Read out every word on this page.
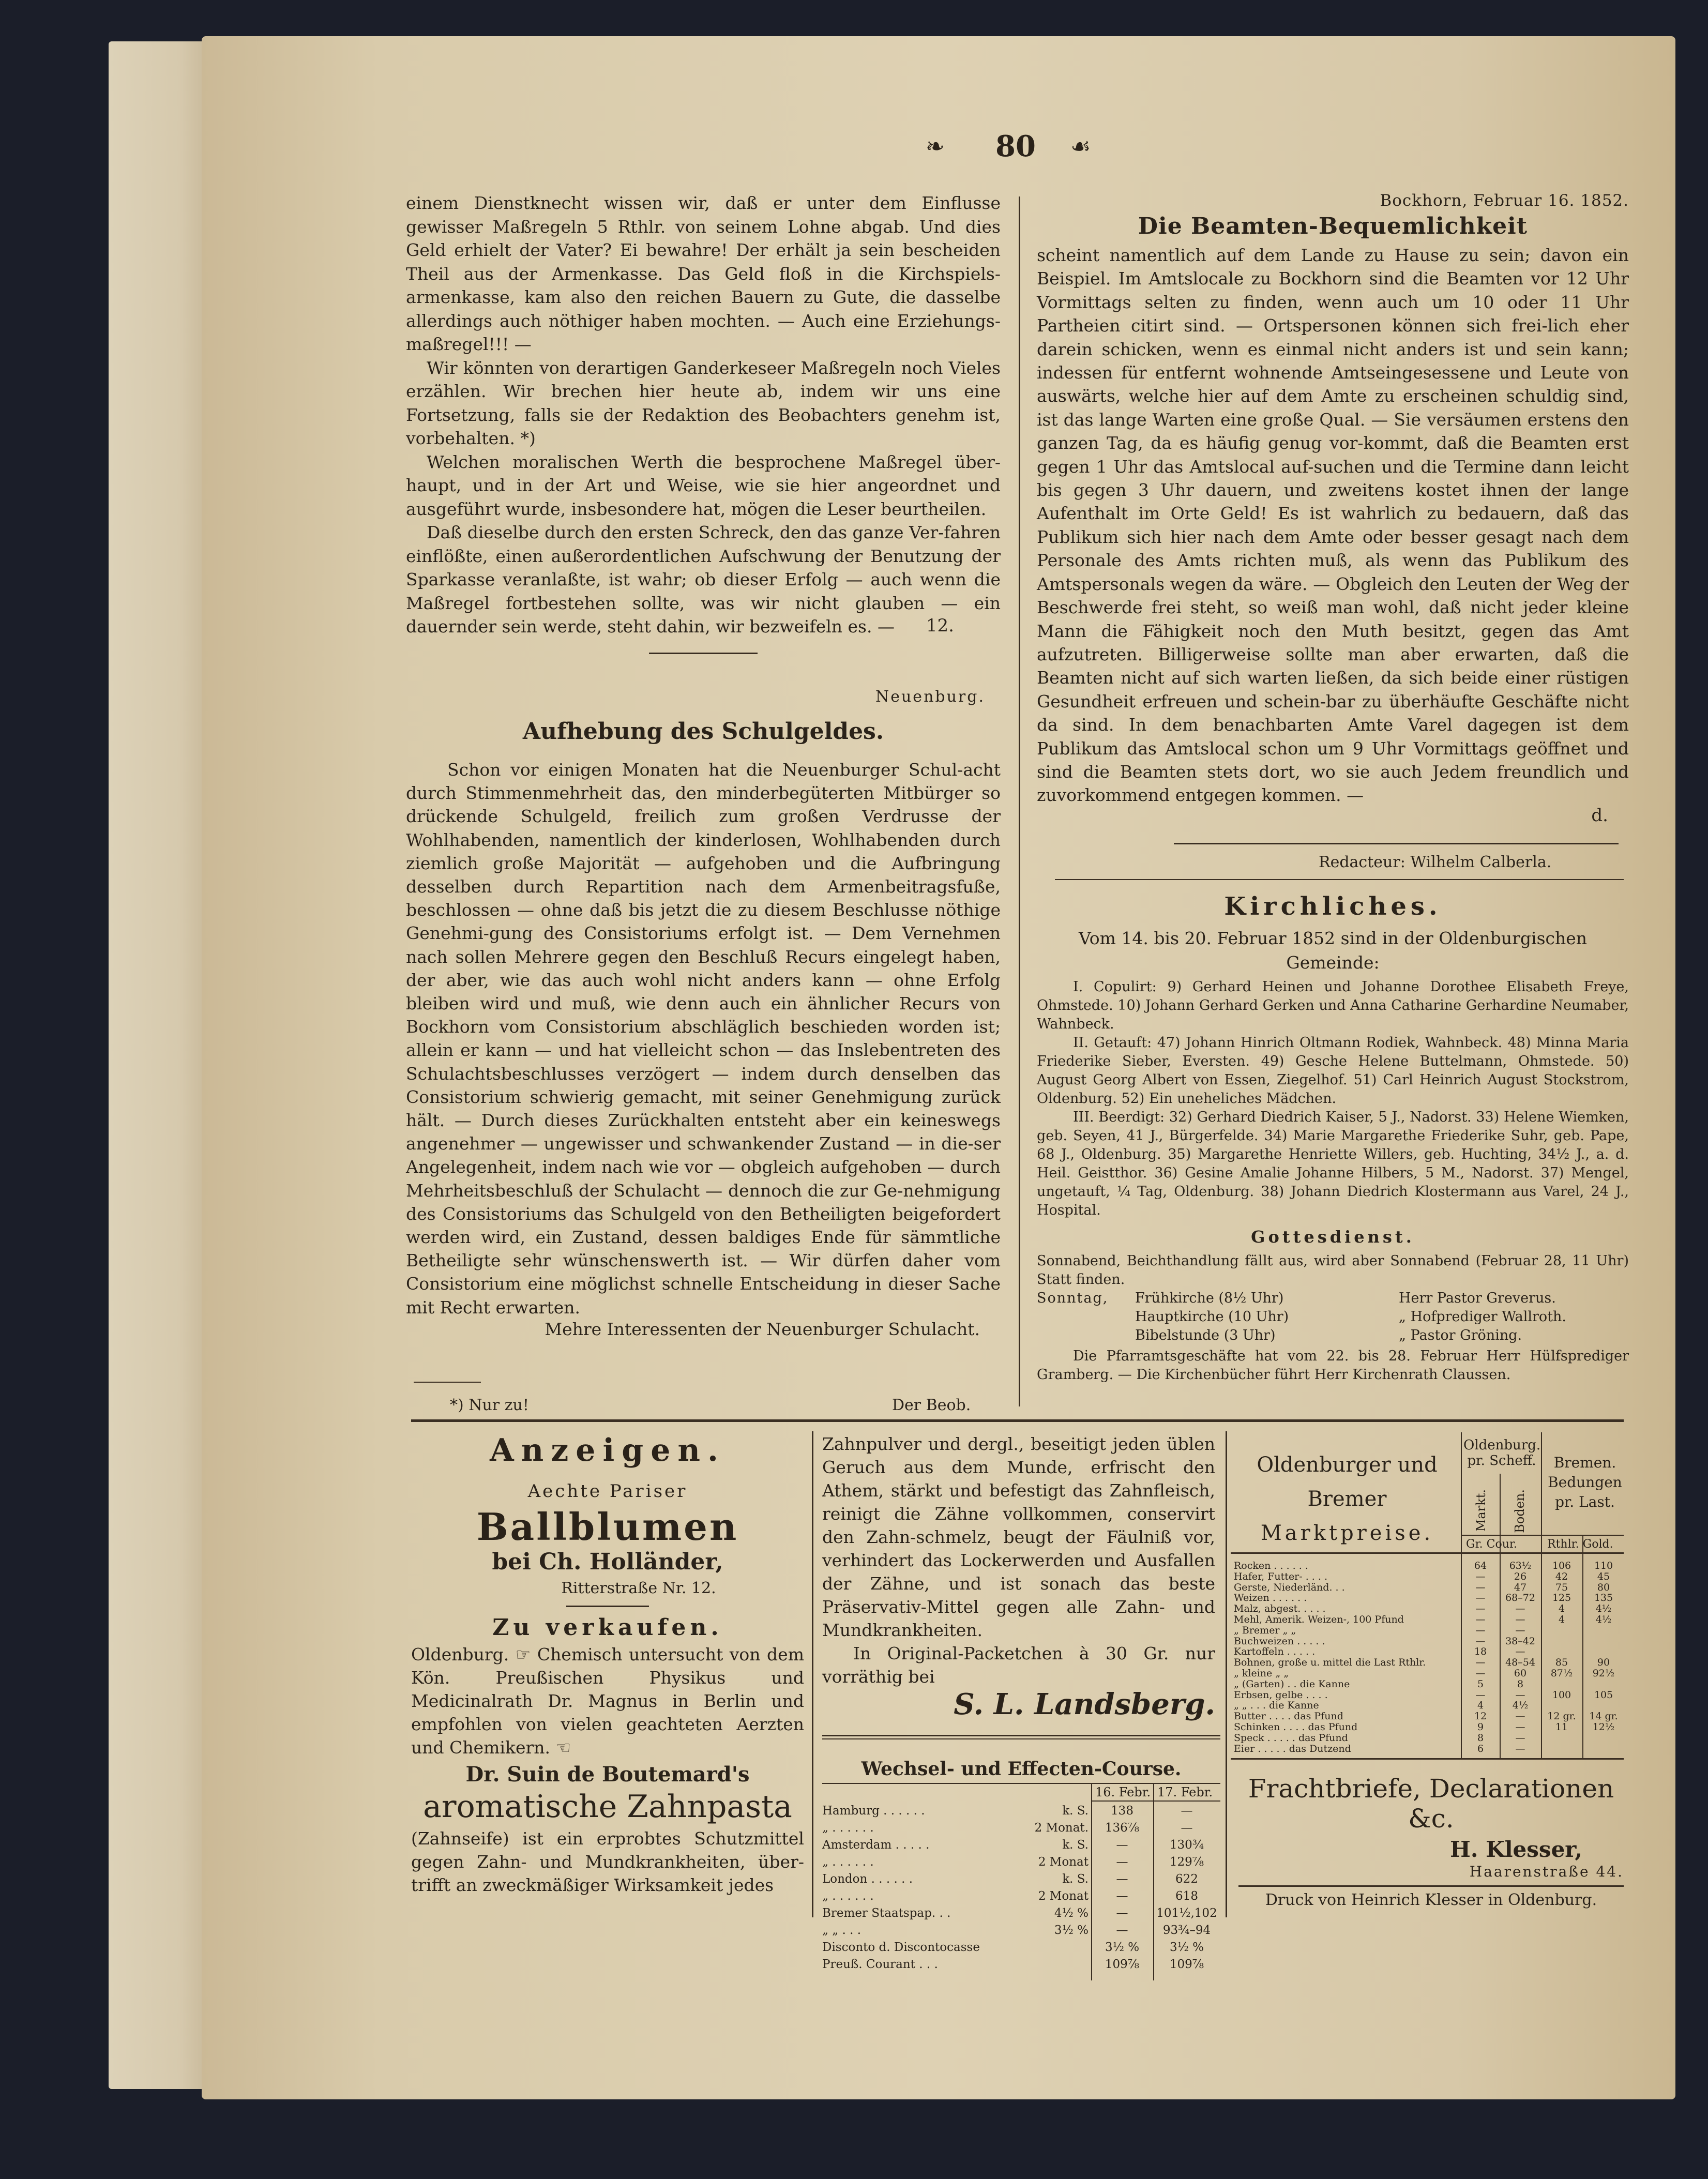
❧ 80 ☙

einem Dienstknecht wissen wir, daß er unter dem Einflusse gewisser Maßregeln 5 Rthlr. von seinem Lohne abgab. Und dies Geld erhielt der Vater? Ei bewahre! Der erhält ja sein bescheiden Theil aus der Armenkasse. Das Geld floß in die Kirchspiels-armenkasse, kam also den reichen Bauern zu Gute, die dasselbe allerdings auch nöthiger haben mochten. — Auch eine Erziehungs-maßregel!!! —

Wir könnten von derartigen Ganderkeseer Maßregeln noch Vieles erzählen. Wir brechen hier heute ab, indem wir uns eine Fortsetzung, falls sie der Redaktion des Beobachters genehm ist, vorbehalten. *)

Welchen moralischen Werth die besprochene Maßregel über-haupt, und in der Art und Weise, wie sie hier angeordnet und ausgeführt wurde, insbesondere hat, mögen die Leser beurtheilen.

Daß dieselbe durch den ersten Schreck, den das ganze Ver-fahren einflößte, einen außerordentlichen Aufschwung der Benutzung der Sparkasse veranlaßte, ist wahr; ob dieser Erfolg — auch wenn die Maßregel fortbestehen sollte, was wir nicht glauben — ein dauernder sein werde, steht dahin, wir bezweifeln es. —	12.
Neuenburg.
Aufhebung des Schulgeldes.

Schon vor einigen Monaten hat die Neuenburger Schul-acht durch Stimmenmehrheit das, den minderbegüterten Mitbürger so drückende Schulgeld, freilich zum großen Verdrusse der Wohlhabenden, namentlich der kinderlosen, Wohlhabenden durch ziemlich große Majorität — aufgehoben und die Aufbringung desselben durch Repartition nach dem Armenbeitragsfuße, beschlossen — ohne daß bis jetzt die zu diesem Beschlusse nöthige Genehmi-gung des Consistoriums erfolgt ist. — Dem Vernehmen nach sollen Mehrere gegen den Beschluß Recurs eingelegt haben, der aber, wie das auch wohl nicht anders kann — ohne Erfolg bleiben wird und muß, wie denn auch ein ähnlicher Recurs von Bockhorn vom Consistorium abschläglich beschieden worden ist; allein er kann — und hat vielleicht schon — das Inslebentreten des Schulachtsbeschlusses verzögert — indem durch denselben das Consistorium schwierig gemacht, mit seiner Genehmigung zurück hält. — Durch dieses Zurückhalten entsteht aber ein keineswegs angenehmer — ungewisser und schwankender Zustand — in die-ser Angelegenheit, indem nach wie vor — obgleich aufgehoben — durch Mehrheitsbeschluß der Schulacht — dennoch die zur Ge-nehmigung des Consistoriums das Schulgeld von den Betheiligten beigefordert werden wird, ein Zustand, dessen baldiges Ende für sämmtliche Betheiligte sehr wünschenswerth ist. — Wir dürfen daher vom Consistorium eine möglichst schnelle Entscheidung in dieser Sache mit Recht erwarten.

Mehre Interessenten der Neuenburger Schulacht.
*) Nur zu!	Der Beob.
Bockhorn, Februar 16. 1852.
Die Beamten-Bequemlichkeit

scheint namentlich auf dem Lande zu Hause zu sein; davon ein Beispiel. Im Amtslocale zu Bockhorn sind die Beamten vor 12 Uhr Vormittags selten zu finden, wenn auch um 10 oder 11 Uhr Partheien citirt sind. — Ortspersonen können sich frei-lich eher darein schicken, wenn es einmal nicht anders ist und sein kann; indessen für entfernt wohnende Amtseingesessene und Leute von auswärts, welche hier auf dem Amte zu erscheinen schuldig sind, ist das lange Warten eine große Qual. — Sie versäumen erstens den ganzen Tag, da es häufig genug vor-kommt, daß die Beamten erst gegen 1 Uhr das Amtslocal auf-suchen und die Termine dann leicht bis gegen 3 Uhr dauern, und zweitens kostet ihnen der lange Aufenthalt im Orte Geld! Es ist wahrlich zu bedauern, daß das Publikum sich hier nach dem Amte oder besser gesagt nach dem Personale des Amts richten muß, als wenn das Publikum des Amtspersonals wegen da wäre. — Obgleich den Leuten der Weg der Beschwerde frei steht, so weiß man wohl, daß nicht jeder kleine Mann die Fähigkeit noch den Muth besitzt, gegen das Amt aufzutreten. Billigerweise sollte man aber erwarten, daß die Beamten nicht auf sich warten ließen, da sich beide einer rüstigen Gesundheit erfreuen und schein-bar zu überhäufte Geschäfte nicht da sind. In dem benachbarten Amte Varel dagegen ist dem Publikum das Amtslocal schon um 9 Uhr Vormittags geöffnet und sind die Beamten stets dort, wo sie auch Jedem freundlich und zuvorkommend entgegen kommen. —

d.
Redacteur: Wilhelm Calberla.
Kirchliches.
Vom 14. bis 20. Februar 1852 sind in der Oldenburgischen Gemeinde:

I. Copulirt: 9) Gerhard Heinen und Johanne Dorothee Elisabeth Freye, Ohmstede. 10) Johann Gerhard Gerken und Anna Catharine Gerhardine Neumaber, Wahnbeck.

II. Getauft: 47) Johann Hinrich Oltmann Rodiek, Wahnbeck. 48) Minna Maria Friederike Sieber, Eversten. 49) Gesche Helene Buttelmann, Ohmstede. 50) August Georg Albert von Essen, Ziegelhof. 51) Carl Heinrich August Stockstrom, Oldenburg. 52) Ein uneheliches Mädchen.

III. Beerdigt: 32) Gerhard Diedrich Kaiser, 5 J., Nadorst. 33) Helene Wiemken, geb. Seyen, 41 J., Bürgerfelde. 34) Marie Margarethe Friederike Suhr, geb. Pape, 68 J., Oldenburg. 35) Margarethe Henriette Willers, geb. Huchting, 34½ J., a. d. Heil. Geistthor. 36) Gesine Amalie Johanne Hilbers, 5 M., Nadorst. 37) Mengel, ungetauft, ¼ Tag, Oldenburg. 38) Johann Diedrich Klostermann aus Varel, 24 J., Hospital.

Gottesdienst.

Sonnabend, Beichthandlung fällt aus, wird aber Sonnabend (Februar 28, 11 Uhr) Statt finden.

Sonntag, Frühkirche (8½ Uhr)	Herr Pastor Greverus.
Hauptkirche (10 Uhr)	„ Hofprediger Wallroth.
Bibelstunde (3 Uhr)	„ Pastor Gröning.

Die Pfarramtsgeschäfte hat vom 22. bis 28. Februar Herr Hülfsprediger Gramberg. — Die Kirchenbücher führt Herr Kirchenrath Claussen.

Anzeigen.
Aechte Pariser
Ballblumen
bei Ch. Holländer,
Ritterstraße Nr. 12.
Zu verkaufen.

Oldenburg. ☞ Chemisch untersucht von dem Kön. Preußischen Physikus und Medicinalrath Dr. Magnus in Berlin und empfohlen von vielen geachteten Aerzten und Chemikern. ☜

Dr. Suin de Boutemard's
aromatische Zahnpasta

(Zahnseife) ist ein erprobtes Schutzmittel gegen Zahn- und Mundkrankheiten, über-trifft an zweckmäßiger Wirksamkeit jedes

Zahnpulver und dergl., beseitigt jeden üblen Geruch aus dem Munde, erfrischt den Athem, stärkt und befestigt das Zahnfleisch, reinigt die Zähne vollkommen, conservirt den Zahn-schmelz, beugt der Fäulniß vor, verhindert das Lockerwerden und Ausfallen der Zähne, und ist sonach das beste Präservativ-Mittel gegen alle Zahn- und Mundkrankheiten.

In Original-Packetchen à 30 Gr. nur vorräthig bei

S. L. Landsberg.
Wechsel- und Effecten-Course.
16. Febr. 17. Febr.
Hamburg . . . . . .	k. S.	138	—
„ . . . . . .	2 Monat.	136⅞	—
Amsterdam . . . . .	k. S.	—	130¾
„ . . . . . .	2 Monat	—	129⅞
London . . . . . .	k. S.	—	622
„ . . . . . .	2 Monat	—	618
Bremer Staatspap. . .	4½ %	—	101½,102
„ „ . . .	3½ %	—	93¾–94
Disconto d. Discontocasse	3½ %	3½ %
Preuß. Courant . . .	109⅞	109⅞
Oldenburger und
Bremer
Marktpreise.
Oldenburg. pr. Scheff.
Markt. Boden.
Bremen. Bedungen pr. Last.
Gr. Cour.	Rthlr. Gold.
Rocken . . . . . .	64	63½	106	110
Hafer, Futter- . . . .	—	26	42	45
Gerste, Niederländ. . .	—	47	75	80
Weizen . . . . . .	—	68–72	125	135
Malz, abgest. . . . .	—	—	4	4½
Mehl, Amerik. Weizen-, 100 Pfund	—	—	4	4½
„ Bremer „ „	—	—
Buchweizen . . . . .	—	38–42
Kartoffeln . . . . .	18	—
Bohnen, große u. mittel die Last Rthlr.	—	48–54	85	90
„ kleine „ „	—	60	87½	92½
„ (Garten) . . die Kanne	5	8
Erbsen, gelbe . . . .	—	—	100	105
„ „ . . . die Kanne	4	4½
Butter . . . . das Pfund	12	—	12 gr.	14 gr.
Schinken . . . . das Pfund	9	—	11	12½
Speck . . . . . das Pfund	8	—
Eier . . . . . das Dutzend	6	—
Frachtbriefe, Declarationen &c.
H. Klesser,
Haarenstraße 44.
Druck von Heinrich Klesser in Oldenburg.
